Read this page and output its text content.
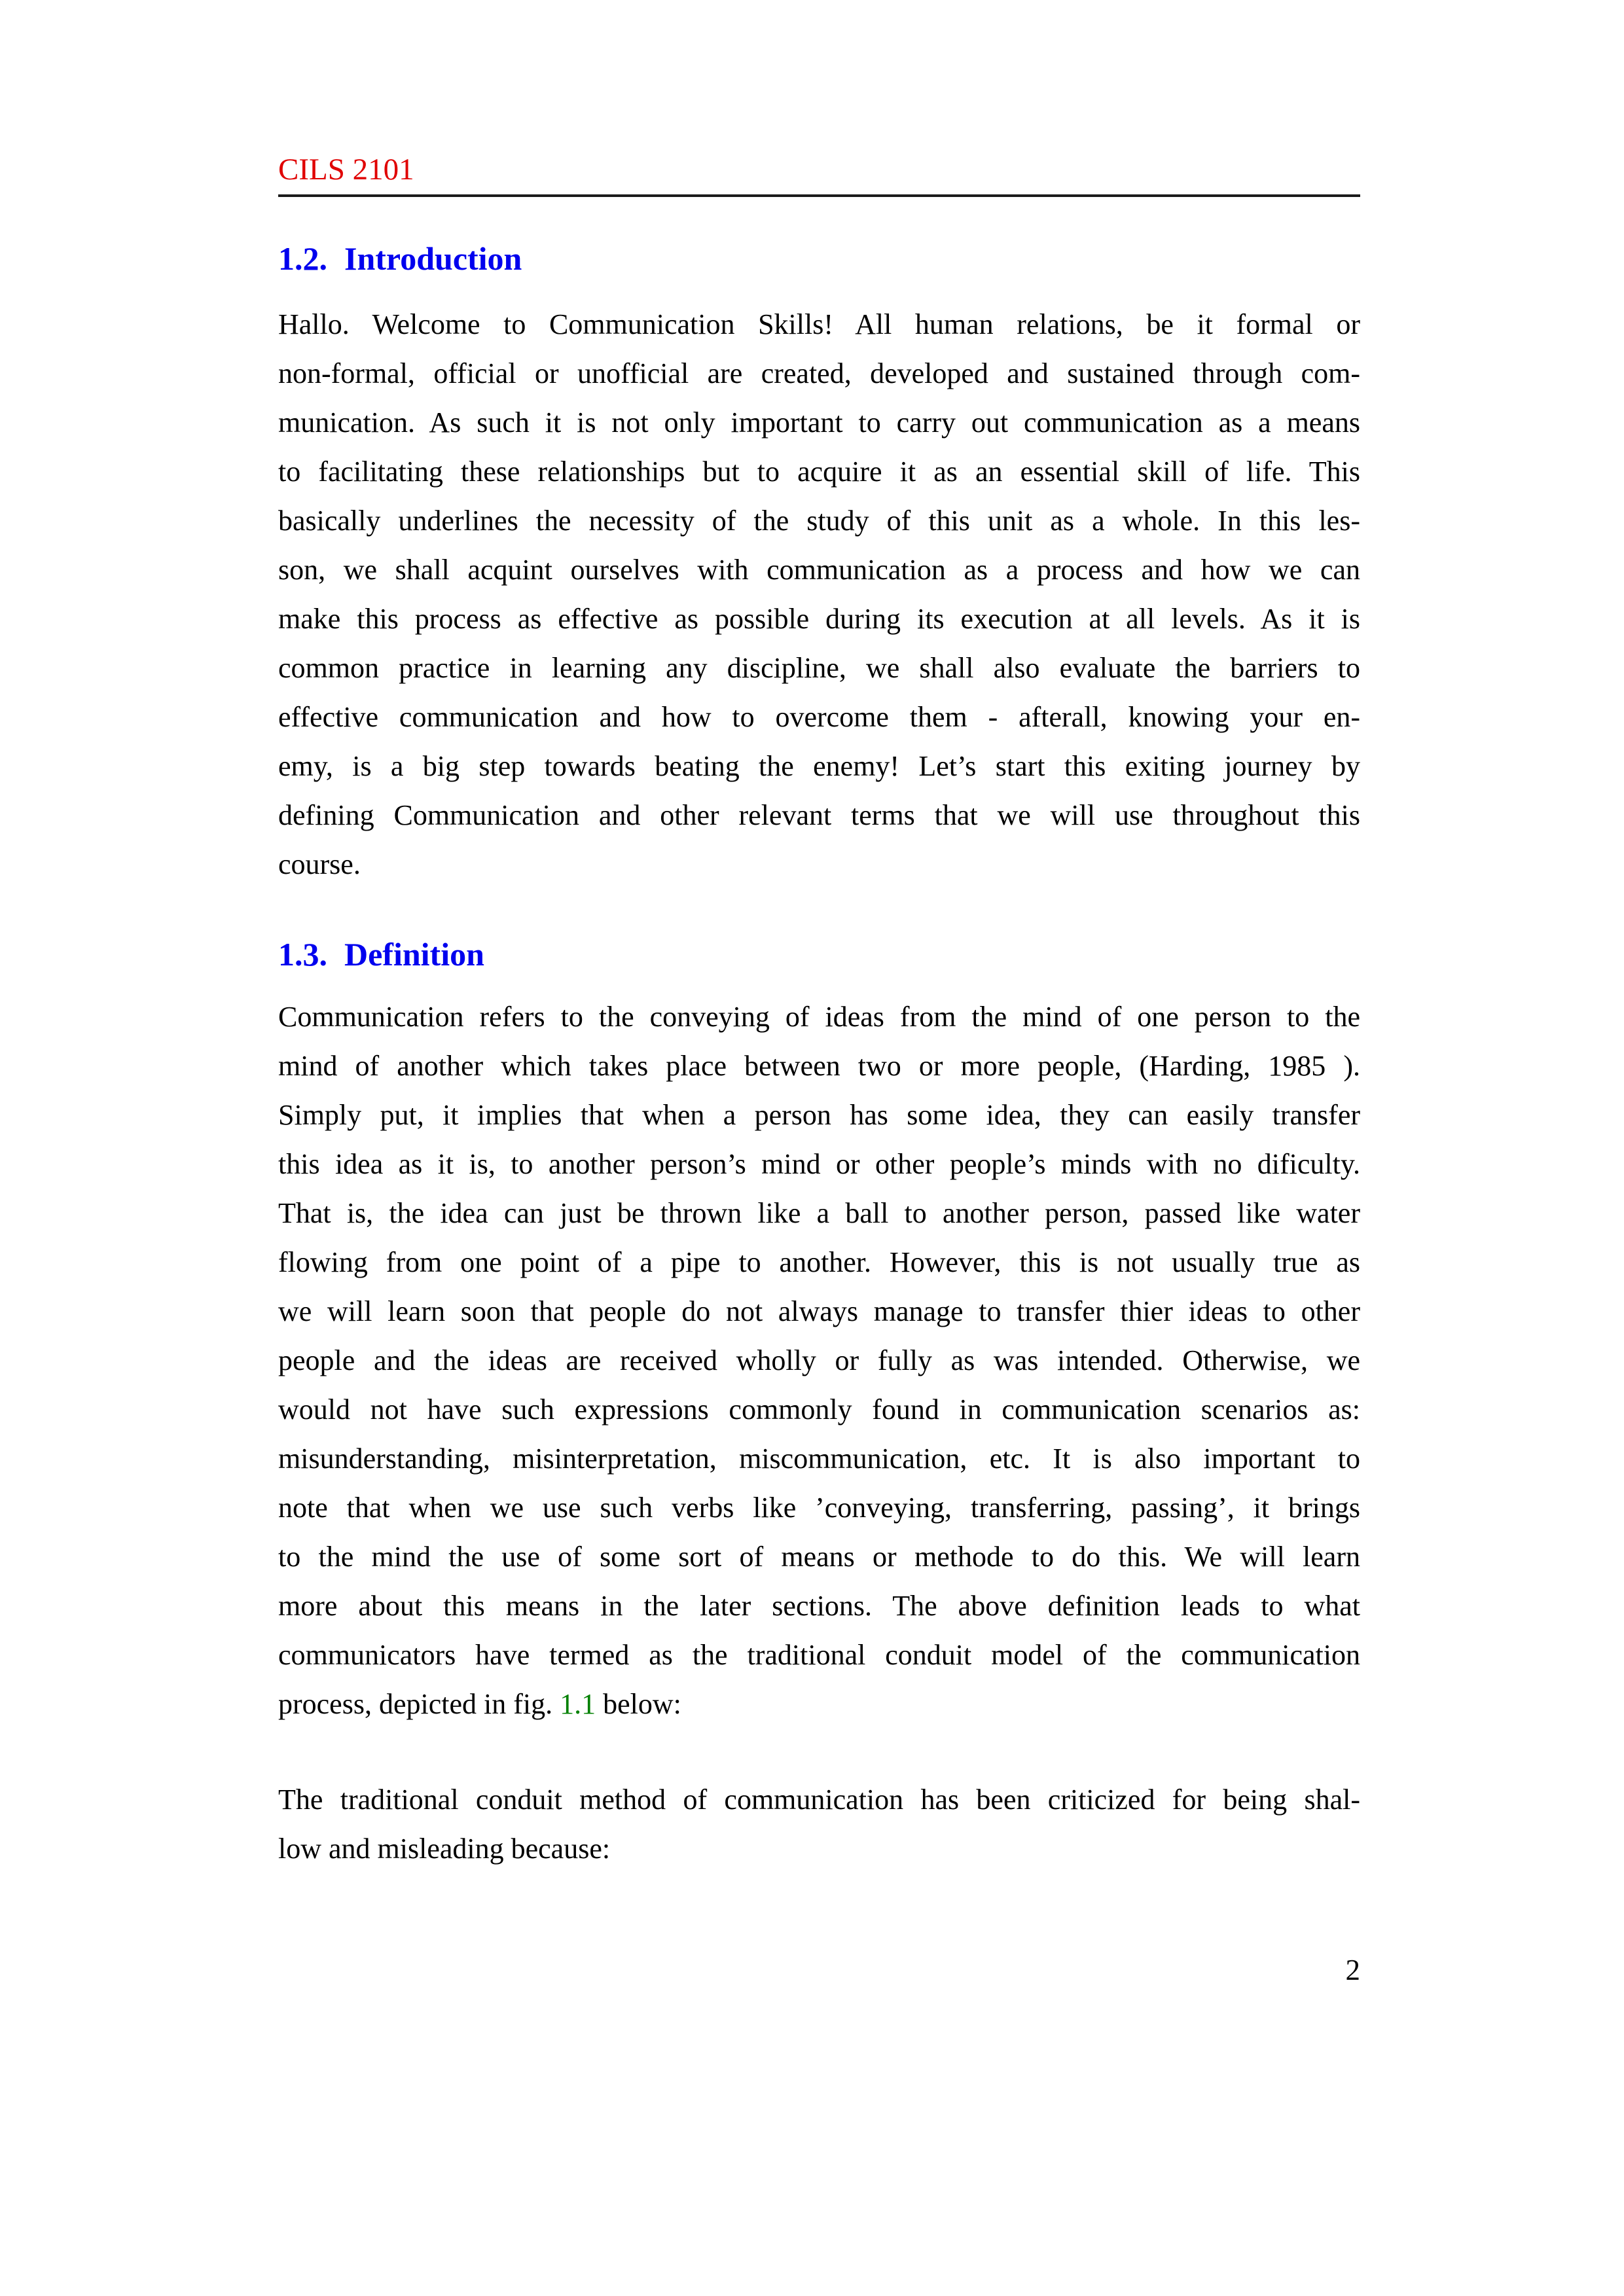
CILS 2101
1.2. Introduction
Hallo. Welcome to Communication Skills! All human relations, be it formal or
non-formal, official or unofficial are created, developed and sustained through com-
munication. As such it is not only important to carry out communication as a means
to facilitating these relationships but to acquire it as an essential skill of life. This
basically underlines the necessity of the study of this unit as a whole. In this les-
son, we shall acquint ourselves with communication as a process and how we can
make this process as effective as possible during its execution at all levels. As it is
common practice in learning any discipline, we shall also evaluate the barriers to
effective communication and how to overcome them - afterall, knowing your en-
emy, is a big step towards beating the enemy! Let’s start this exiting journey by
defining Communication and other relevant terms that we will use throughout this
course.
1.3. Definition
Communication refers to the conveying of ideas from the mind of one person to the
mind of another which takes place between two or more people, (Harding, 1985 ).
Simply put, it implies that when a person has some idea, they can easily transfer
this idea as it is, to another person’s mind or other people’s minds with no dificulty.
That is, the idea can just be thrown like a ball to another person, passed like water
flowing from one point of a pipe to another. However, this is not usually true as
we will learn soon that people do not always manage to transfer thier ideas to other
people and the ideas are received wholly or fully as was intended. Otherwise, we
would not have such expressions commonly found in communication scenarios as:
misunderstanding, misinterpretation, miscommunication, etc. It is also important to
note that when we use such verbs like ’conveying, transferring, passing’, it brings
to the mind the use of some sort of means or methode to do this. We will learn
more about this means in the later sections. The above definition leads to what
communicators have termed as the traditional conduit model of the communication
process, depicted in fig. 1.1 below:
The traditional conduit method of communication has been criticized for being shal-
low and misleading because:
2
